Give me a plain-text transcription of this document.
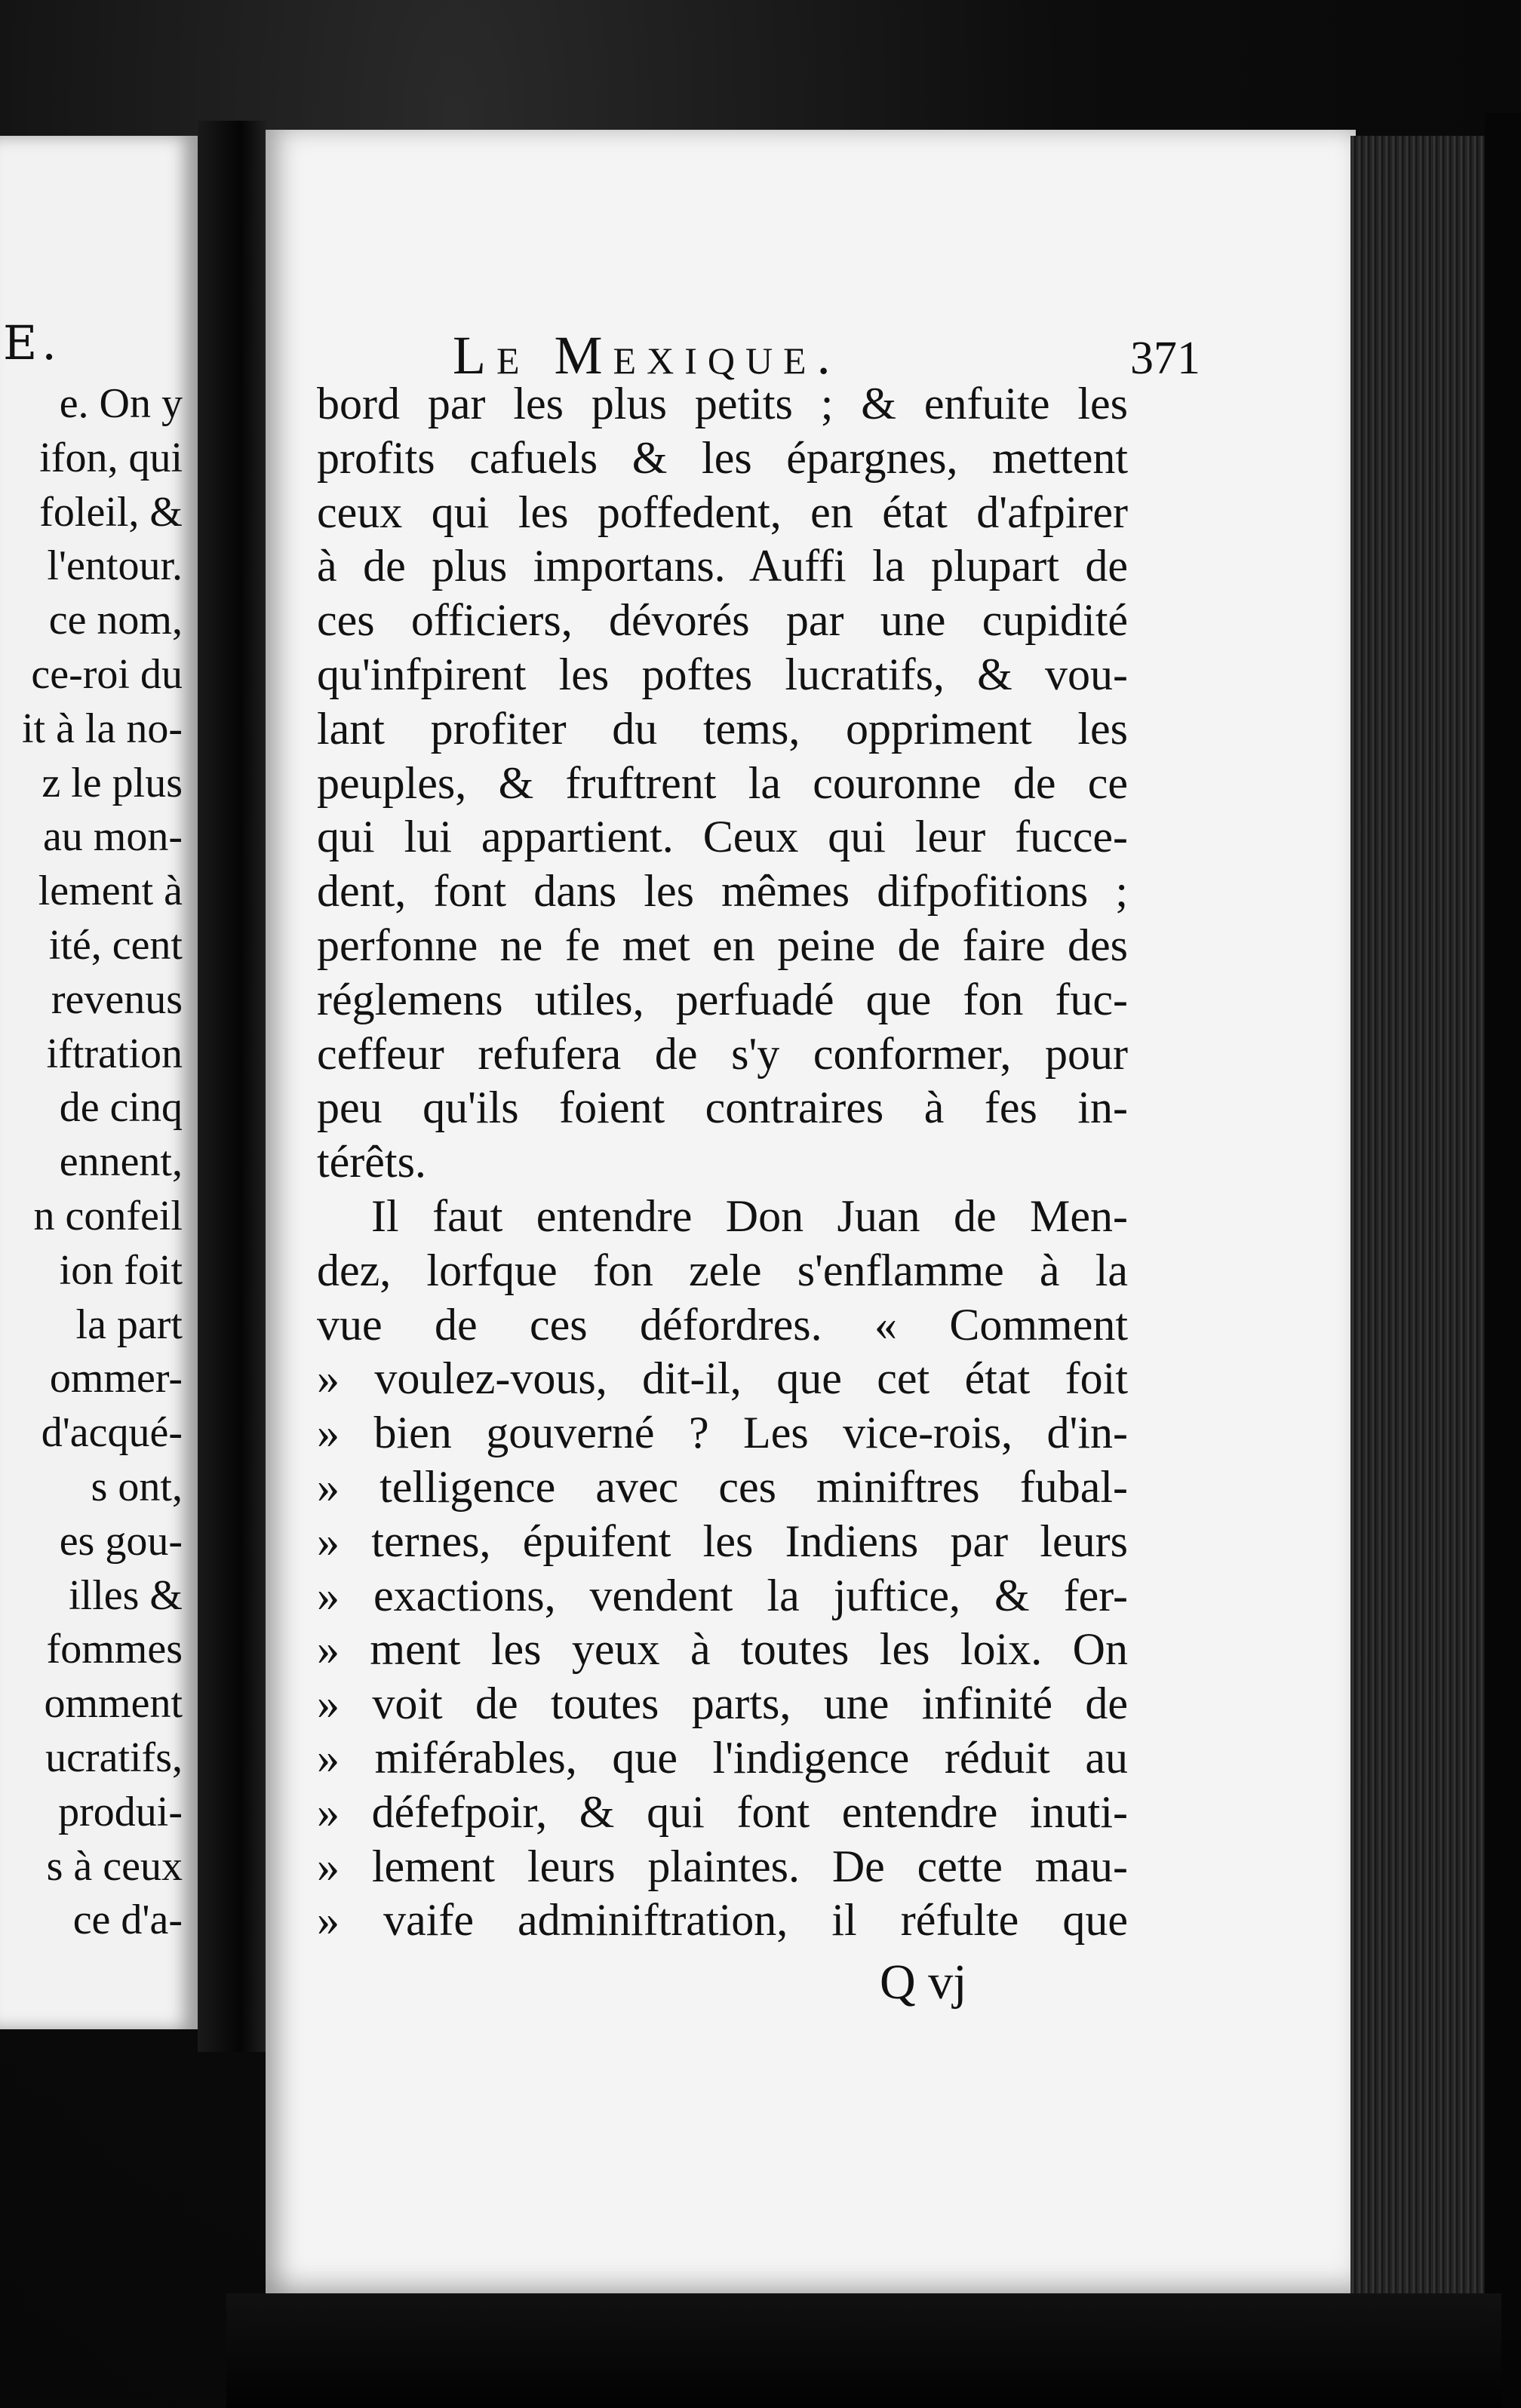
E.
e. On y
ifon, qui
foleil, &
l'entour.
ce nom,
ce-roi du
it à la no-
z le plus
au mon-
lement à
ité, cent
revenus
iftration
de cinq
ennent,
n confeil
ion foit
la part
ommer-
d'acqué-
s ont,
es gou-
illes &
fommes
omment
ucratifs,
produi-
s à ceux
ce d'a-
Le Mexique.	371
bord par les plus petits ; & enfuite les
profits cafuels & les épargnes, mettent
ceux qui les poffedent, en état d'afpirer
à de plus importans. Auffi la plupart de
ces officiers, dévorés par une cupidité
qu'infpirent les poftes lucratifs, & vou-
lant profiter du tems, oppriment les
peuples, & fruftrent la couronne de ce
qui lui appartient. Ceux qui leur fucce-
dent, font dans les mêmes difpofitions ;
perfonne ne fe met en peine de faire des
réglemens utiles, perfuadé que fon fuc-
ceffeur refufera de s'y conformer, pour
peu qu'ils foient contraires à fes in-
térêts.
Il faut entendre Don Juan de Men-
dez, lorfque fon zele s'enflamme à la
vue de ces défordres. « Comment
» voulez-vous, dit-il, que cet état foit
» bien gouverné ? Les vice-rois, d'in-
» telligence avec ces miniftres fubal-
» ternes, épuifent les Indiens par leurs
» exactions, vendent la juftice, & fer-
» ment les yeux à toutes les loix. On
» voit de toutes parts, une infinité de
» miférables, que l'indigence réduit au
» défefpoir, & qui font entendre inuti-
» lement leurs plaintes. De cette mau-
» vaife adminiftration, il réfulte que
Q vj
